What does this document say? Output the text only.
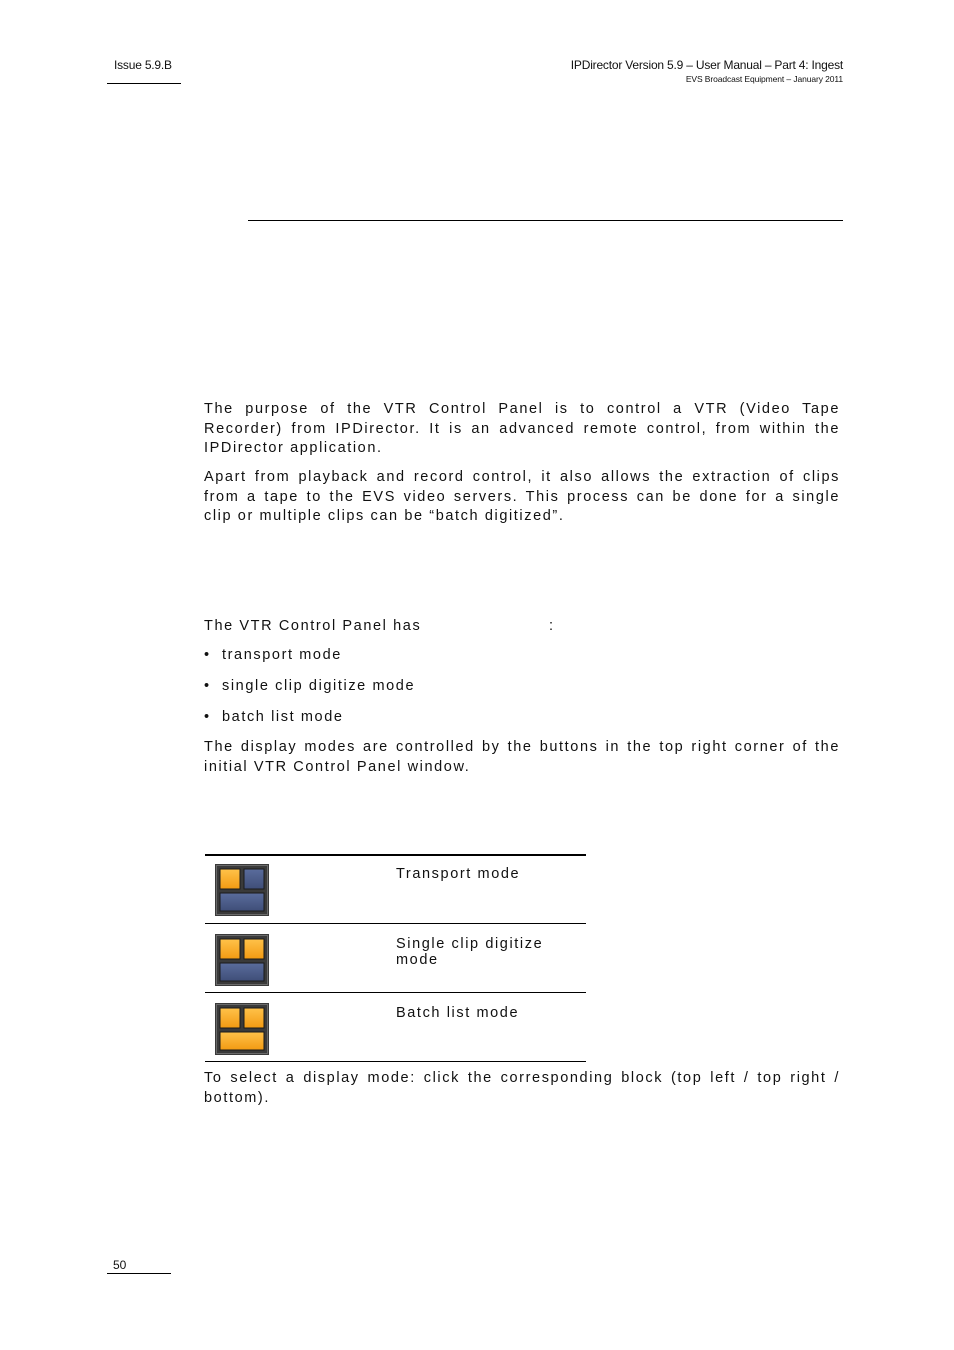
Issue 5.9.B	IPDirector Version 5.9 – User Manual – Part 4: Ingest
EVS Broadcast Equipment – January 2011
The purpose of the VTR Control Panel is to control a VTR (Video Tape Recorder) from IPDirector. It is an advanced remote control, from within the IPDirector application.
Apart from playback and record control, it also allows the extraction of clips from a tape to the EVS video servers. This process can be done for a single clip or multiple clips can be “batch digitized”.
The VTR Control Panel has	:
• transport mode
• single clip digitize mode
• batch list mode
The display modes are controlled by the buttons in the top right corner of the initial VTR Control Panel window.
	Transport mode

	Single clip digitize mode

	Batch list mode
To select a display mode: click the corresponding block (top left / top right / bottom).
50
